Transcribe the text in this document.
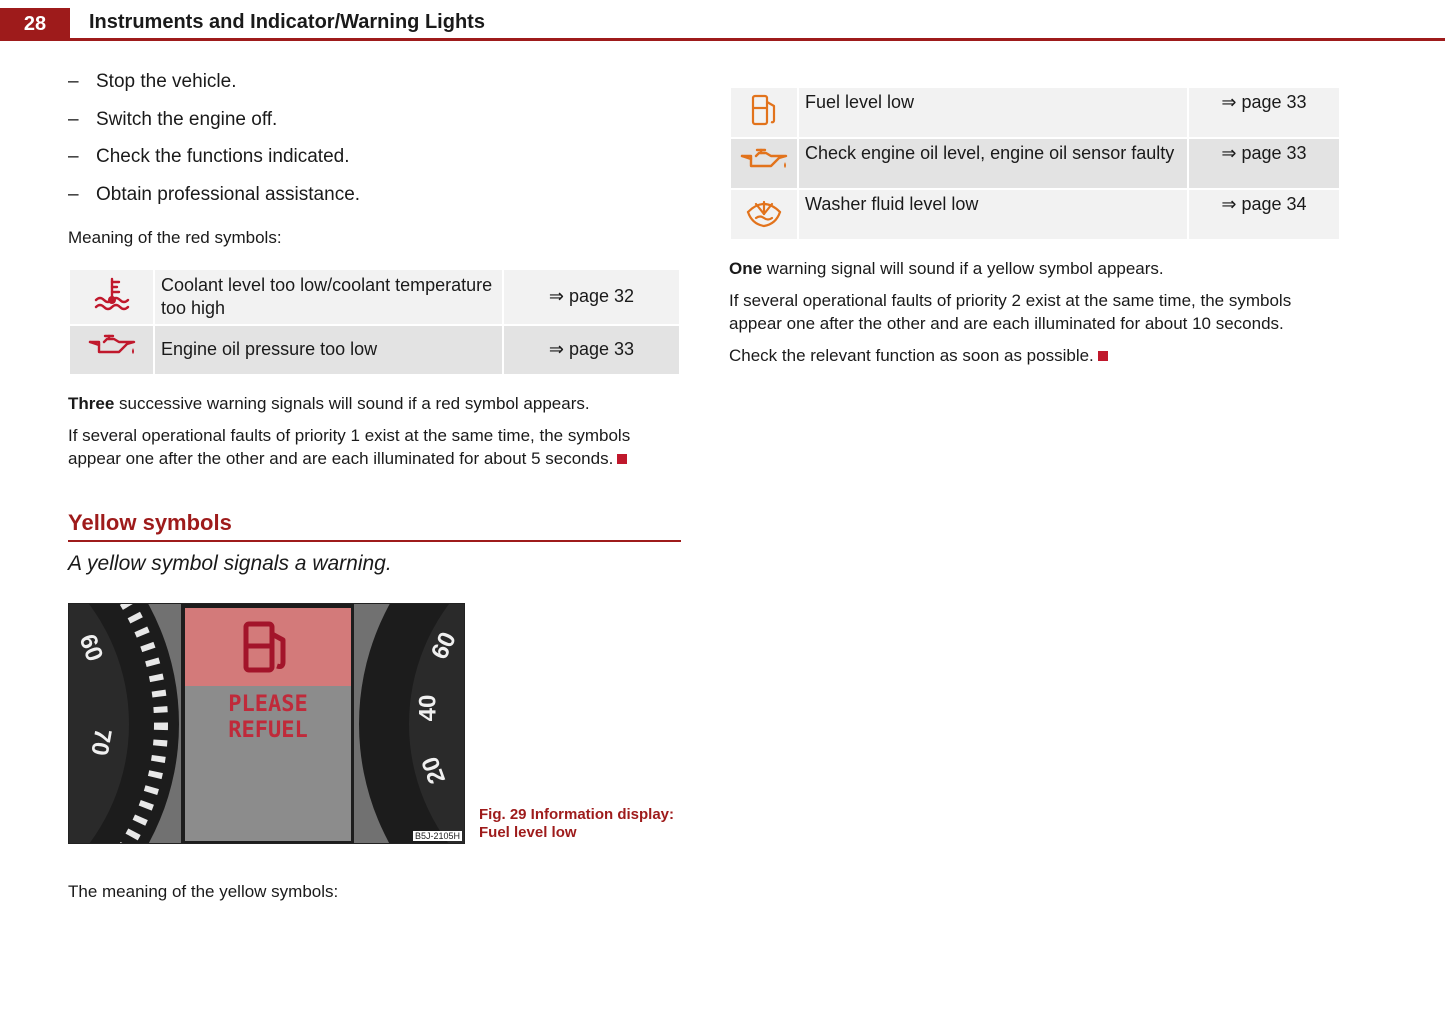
28	Instruments and Indicator/Warning Lights
– Stop the vehicle.
– Switch the engine off.
– Check the functions indicated.
– Obtain professional assistance.

Meaning of the red symbols:

	Coolant level too low/coolant temperature too high	⇒ page 32
	Engine oil pressure too low	⇒ page 33

Three successive warning signals will sound if a red symbol appears.

If several operational faults of priority 1 exist at the same time, the symbols appear one after the other and are each illuminated for about 5 seconds.

Yellow symbols
A yellow symbol signals a warning.
PLEASE
REFUEL
60
70
60
40
20
B5J-2105H
Fig. 29 Information display:
Fuel level low

The meaning of the yellow symbols:

	Fuel level low	⇒ page 33
	Check engine oil level, engine oil sensor faulty	⇒ page 33
	Washer fluid level low	⇒ page 34

One warning signal will sound if a yellow symbol appears.

If several operational faults of priority 2 exist at the same time, the symbols appear one after the other and are each illuminated for about 10 seconds.

Check the relevant function as soon as possible.
